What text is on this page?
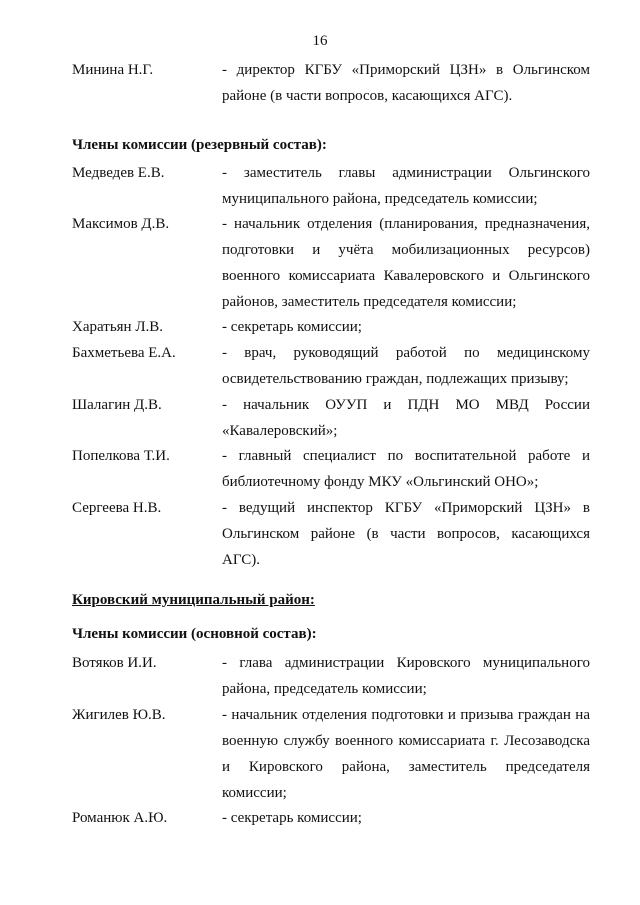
16
Минина Н.Г.	- директор КГБУ «Приморский ЦЗН» в Ольгинском районе (в части вопросов, касающихся АГС).
Члены комиссии (резервный состав):
Медведев Е.В.	- заместитель главы администрации Ольгинского муниципального района, председатель комиссии;
Максимов Д.В.	- начальник отделения (планирования, предназначения, подготовки и учёта мобилизационных ресурсов) военного комиссариата Кавалеровского и Ольгинского районов, заместитель председателя комиссии;
Харатьян Л.В.	- секретарь комиссии;
Бахметьева Е.А.	- врач, руководящий работой по медицинскому освидетельствованию граждан, подлежащих призыву;
Шалагин Д.В.	- начальник ОУУП и ПДН МО МВД России «Кавалеровский»;
Попелкова Т.И.	- главный специалист по воспитательной работе и библиотечному фонду МКУ «Ольгинский ОНО»;
Сергеева Н.В.	- ведущий инспектор КГБУ «Приморский ЦЗН» в Ольгинском районе (в части вопросов, касающихся АГС).
Кировский муниципальный район:
Члены комиссии (основной состав):
Вотяков И.И.	- глава администрации Кировского муниципального района, председатель комиссии;
Жигилев Ю.В.	- начальник отделения подготовки и призыва граждан на военную службу военного комиссариата г. Лесозаводска и Кировского района, заместитель председателя комиссии;
Романюк А.Ю.	- секретарь комиссии;
